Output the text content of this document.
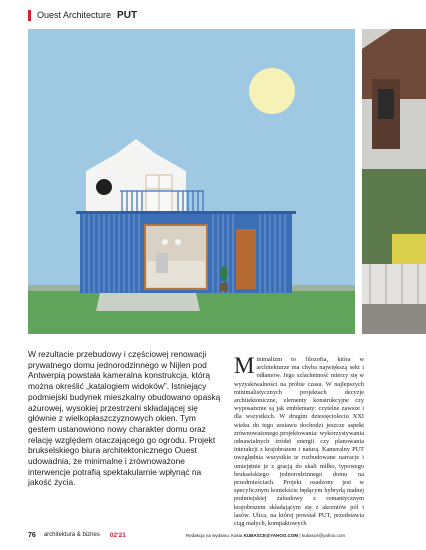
Ouest Architecture PUT
W rezultacie przebudowy i częściowej renowacji prywatnego domu jednorodzinnego w Nijlen pod Antwerpią powstała kameralna konstrukcja, którą można określić „katalogiem widoków”. Istniejący podmiejski budynek mieszkalny obudowano opaską ażurowej, wysokiej przestrzeni składającej się głównie z wielkopłaszczyznowych okien. Tym gestem ustanowiono nowy charakter domu oraz relację względem otaczającego go ogrodu. Projekt brukselskiego biura architektonicznego Ouest udowadnia, że minimalne i zrównoważone interwencje potrafią spektakularnie wpłynąć na jakość życia.
Minimalizm to filozofia, która w architekturze ma chyba największą sekt i odłamów. Jego szlachetność mierzy się w wyzyskiwalności na próbie czasu. W najlepszych minimalistycznych projektach decyzje architektoniczne, elementy konstrukcyjne czy wyposażenie są jak emblematy: czytelne zawsze i dla wszystkich. W drugim dziesięcioleciu XXI wieku do tego zestawu dochodzi jeszcze aspekt zrównoważonego projektowania: wykorzystywania odnawialnych źródeł energii czy planowania interakcji z krajobrazem i naturą. Kameralny PUT uwzględnia wszystkie te rozbudowane narracje i umiejętnie je z gracją do skali miłko, typowego brukselskiego jednorodzinnego domu na przedmieściach. Projekt osadzony jest w specyficznym kontekście będącym hybrydą małnej podmiejskiej zabudowy z romantycznym krajobrazem składającym się z akcentów pól i lasów. Ulica, na której powstał PUT, przedstawia ciąg małych, kompaktowych
76 architektura & biznes 02'21	Redakcja na wydaniu: Kasia KUBASCE@YAHOO.COM | kubascé@yahoo.com
